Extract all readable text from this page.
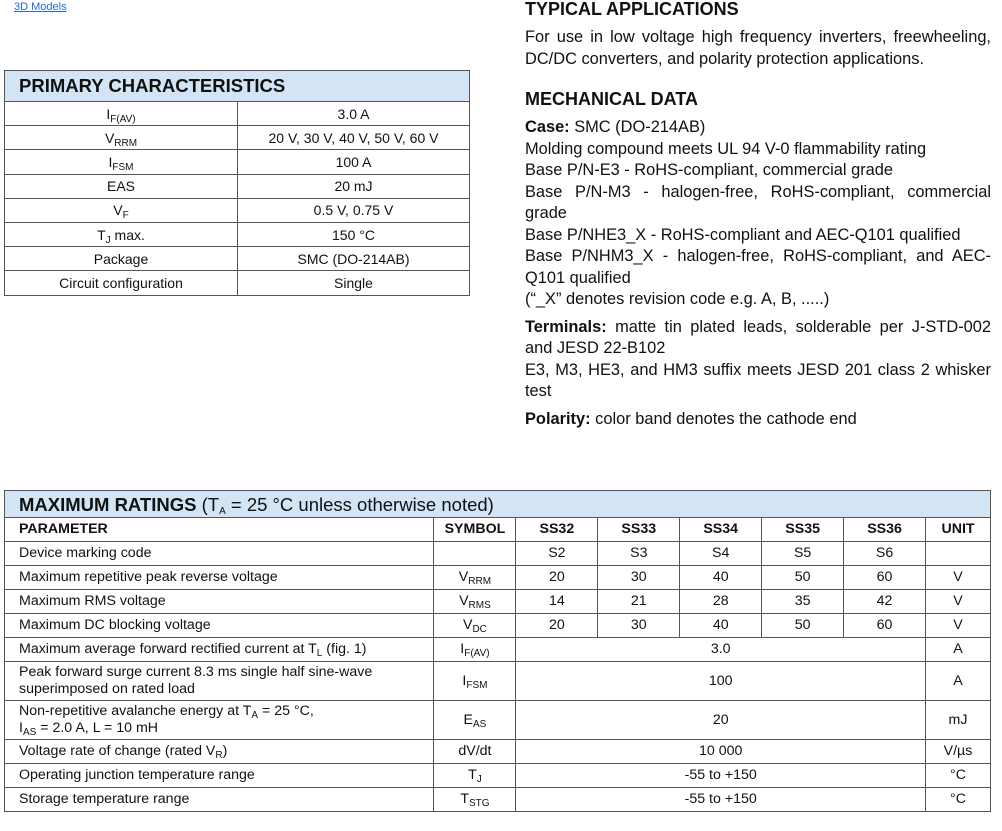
3D Models
PRIMARY CHARACTERISTICS	
$I_{F(AV)}$	3.0 A
$V_{RRM}$	20 V, 30 V, 40 V, 50 V, 60 V
$I_{FSM}$	100 A
EAS	20 mJ
$V_F$	0.5 V, 0.75 V
$T_J$ max.	150 °C
Package	SMC (DO-214AB)
Circuit configuration	Single

TYPICAL APPLICATIONS

For use in low voltage high frequency inverters, freewheeling, DC/DC converters, and polarity protection applications.

MECHANICAL DATA

Case: SMC (DO-214AB)

Molding compound meets UL 94 V-0 flammability rating

Base P/N-E3 - RoHS-compliant, commercial grade

Base P/N-M3 - halogen-free, RoHS-compliant, commercial grade

Base P/NHE3_X - RoHS-compliant and AEC-Q101 qualified

Base P/NHM3_X - halogen-free, RoHS-compliant, and AEC-Q101 qualified

(“_X” denotes revision code e.g. A, B, .....)

Terminals: matte tin plated leads, solderable per J-STD-002 and JESD 22-B102

E3, M3, HE3, and HM3 suffix meets JESD 201 class 2 whisker test

Polarity: color band denotes the cathode end

MAXIMUM RATINGS ($T_A = 25$ °C unless otherwise noted)							
PARAMETER	SYMBOL	SS32	SS33	SS34	SS35	SS36	UNIT
Device marking code		S2	S3	S4	S5	S6	
Maximum repetitive peak reverse voltage	$V_{RRM}$	20	30	40	50	60	V
Maximum RMS voltage	$V_{RMS}$	14	21	28	35	42	V
Maximum DC blocking voltage	$V_{DC}$	20	30	40	50	60	V
Maximum average forward rectified current at $T_L$ (fig. 1)	$I_{F(AV)}$	3.0					A
Peak forward surge current 8.3 ms single half sine-wave
superimposed on rated load	$I_{FSM}$	100					A
Non-repetitive avalanche energy at $T_A = 25$ °C,
$I_{AS} = 2.0$ A, L = 10 mH	$E_{AS}$	20					mJ
Voltage rate of change (rated $V_R$)	dV/dt	10 000					V/µs
Operating junction temperature range	$T_J$	-55 to +150					°C
Storage temperature range	$T_{STG}$	-55 to +150					°C
